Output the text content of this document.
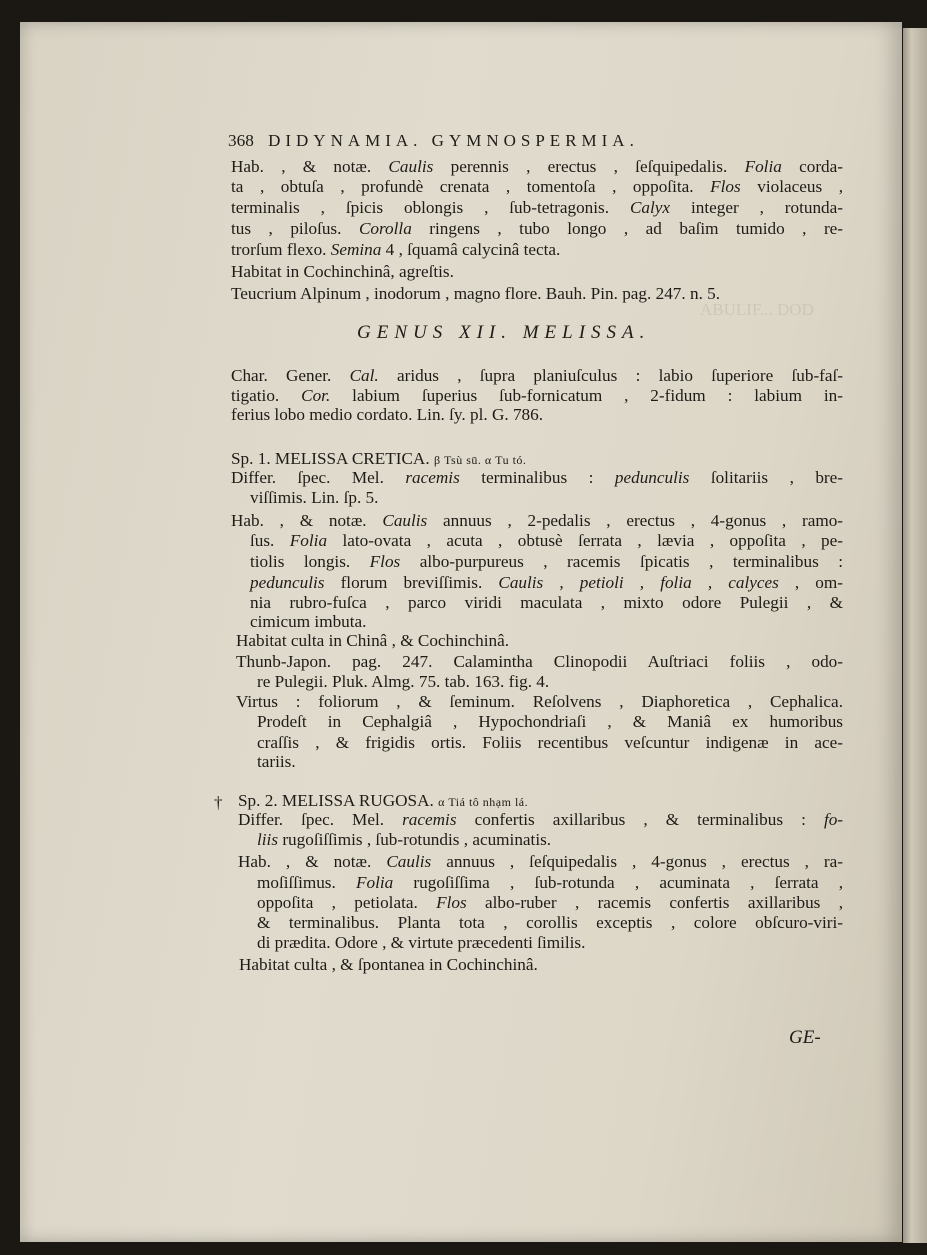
ABULIF... DOD
368 DIDYNAMIA. GYMNOSPERMIA.
Hab. , & notæ. Caulis perennis , erectus , ſeſquipedalis. Folia corda-
ta , obtuſa , profundè crenata , tomentoſa , oppoſita. Flos violaceus ,
terminalis , ſpicis oblongis , ſub-tetragonis. Calyx integer , rotunda-
tus , piloſus. Corolla ringens , tubo longo , ad baſim tumido , re-
trorſum flexo. Semina 4 , ſquamâ calycinâ tecta.
Habitat in Cochinchinâ, agreſtis.
Teucrium Alpinum , inodorum , magno flore. Bauh. Pin. pag. 247. n. 5.
GENUS XII. MELISSA.
Char. Gener. Cal. aridus , ſupra planiuſculus : labio ſuperiore ſub-faſ-
tigatio. Cor. labium ſuperius ſub-fornicatum , 2-fidum : labium in-
ferius lobo medio cordato. Lin. ſy. pl. G. 786.
Sp. 1. MELISSA CRETICA. β Tsù sū. α Tu tó.
Differ. ſpec. Mel. racemis terminalibus : pedunculis ſolitariis , bre-
viſſimis. Lin. ſp. 5.
Hab. , & notæ. Caulis annuus , 2-pedalis , erectus , 4-gonus , ramo-
ſus. Folia lato-ovata , acuta , obtusè ſerrata , lævia , oppoſita , pe-
tiolis longis. Flos albo-purpureus , racemis ſpicatis , terminalibus :
pedunculis florum breviſſimis. Caulis , petioli , folia , calyces , om-
nia rubro-fuſca , parco viridi maculata , mixto odore Pulegii , &
cimicum imbuta.
Habitat culta in Chinâ , & Cochinchinâ.
Thunb-Japon. pag. 247. Calamintha Clinopodii Auſtriaci foliis , odo-
re Pulegii. Pluk. Almg. 75. tab. 163. fig. 4.
Virtus : foliorum , & ſeminum. Reſolvens , Diaphoretica , Cephalica.
Prodeſt in Cephalgiâ , Hypochondriaſi , & Maniâ ex humoribus
craſſis , & frigidis ortis. Foliis recentibus veſcuntur indigenæ in ace-
tariis.
† Sp. 2. MELISSA RUGOSA. α Tiá tô nhạm lá.
Differ. ſpec. Mel. racemis confertis axillaribus , & terminalibus : fo-
liis rugoſiſſimis , ſub-rotundis , acuminatis.
Hab. , & notæ. Caulis annuus , ſeſquipedalis , 4-gonus , erectus , ra-
moſiſſimus. Folia rugoſiſſima , ſub-rotunda , acuminata , ſerrata ,
oppoſita , petiolata. Flos albo-ruber , racemis confertis axillaribus ,
& terminalibus. Planta tota , corollis exceptis , colore obſcuro-viri-
di prædita. Odore , & virtute præcedenti ſimilis.
Habitat culta , & ſpontanea in Cochinchinâ.
GE-
